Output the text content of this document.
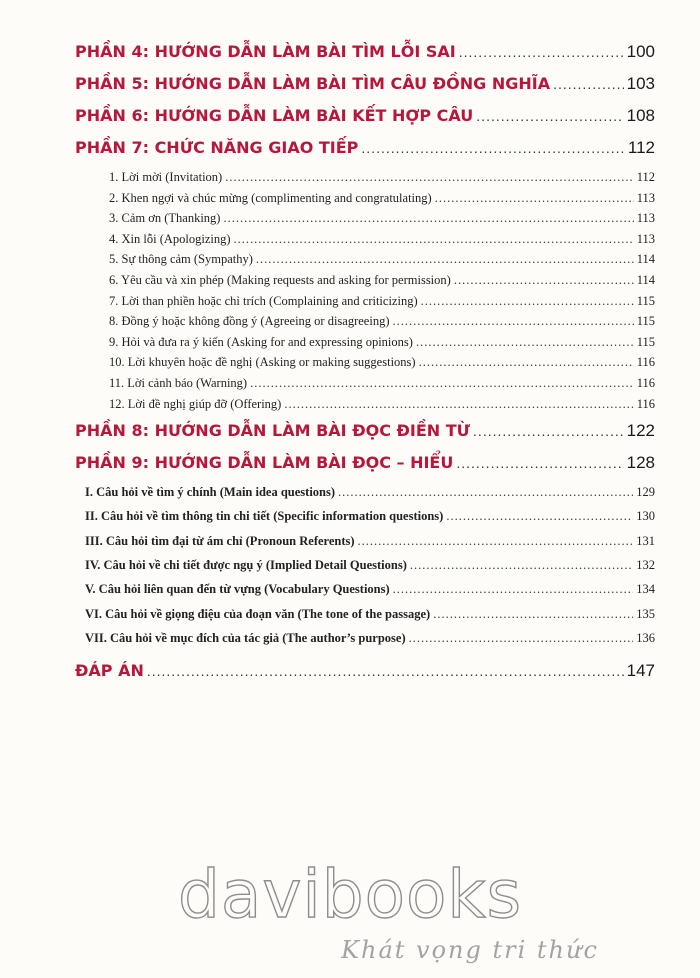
PHẦN 4: HƯỚNG DẪN LÀM BÀI TÌM LỖI SAI .....	100
PHẦN 5: HƯỚNG DẪN LÀM BÀI TÌM CÂU ĐỒNG NGHĨA .....	103
PHẦN 6: HƯỚNG DẪN LÀM BÀI KẾT HỢP CÂU .....	108
PHẦN 7: CHỨC NĂNG GIAO TIẾP .....	112
1. Lời mời (Invitation) .....	112
2. Khen ngợi và chúc mừng (complimenting and congratulating) .....	113
3. Cảm ơn (Thanking) .....	113
4. Xin lỗi (Apologizing) .....	113
5. Sự thông cảm (Sympathy) .....	114
6. Yêu cầu và xin phép (Making requests and asking for permission) .....	114
7. Lời than phiền hoặc chỉ trích (Complaining and criticizing) .....	115
8. Đồng ý hoặc không đồng ý (Agreeing or disagreeing) .....	115
9. Hỏi và đưa ra ý kiến (Asking for and expressing opinions) .....	115
10. Lời khuyên hoặc đề nghị (Asking or making suggestions) .....	116
11. Lời cảnh báo (Warning) .....	116
12. Lời đề nghị giúp đỡ (Offering) .....	116
PHẦN 8: HƯỚNG DẪN LÀM BÀI ĐỌC ĐIỀN TỪ .....	122
PHẦN 9: HƯỚNG DẪN LÀM BÀI ĐỌC – HIỂU .....	128
I. Câu hỏi về tìm ý chính (Main idea questions) .....	129
II. Câu hỏi về tìm thông tin chi tiết (Specific information questions) .....	130
III. Câu hỏi tìm đại từ ám chỉ (Pronoun Referents) .....	131
IV. Câu hỏi về chi tiết được ngụ ý (Implied Detail Questions) .....	132
V. Câu hỏi liên quan đến từ vựng (Vocabulary Questions) .....	134
VI. Câu hỏi về giọng điệu của đoạn văn (The tone of the passage) .....	135
VII. Câu hỏi về mục đích của tác giả (The author’s purpose) .....	136
ĐÁP ÁN .....	147
davibooks
Khát vọng tri thức
